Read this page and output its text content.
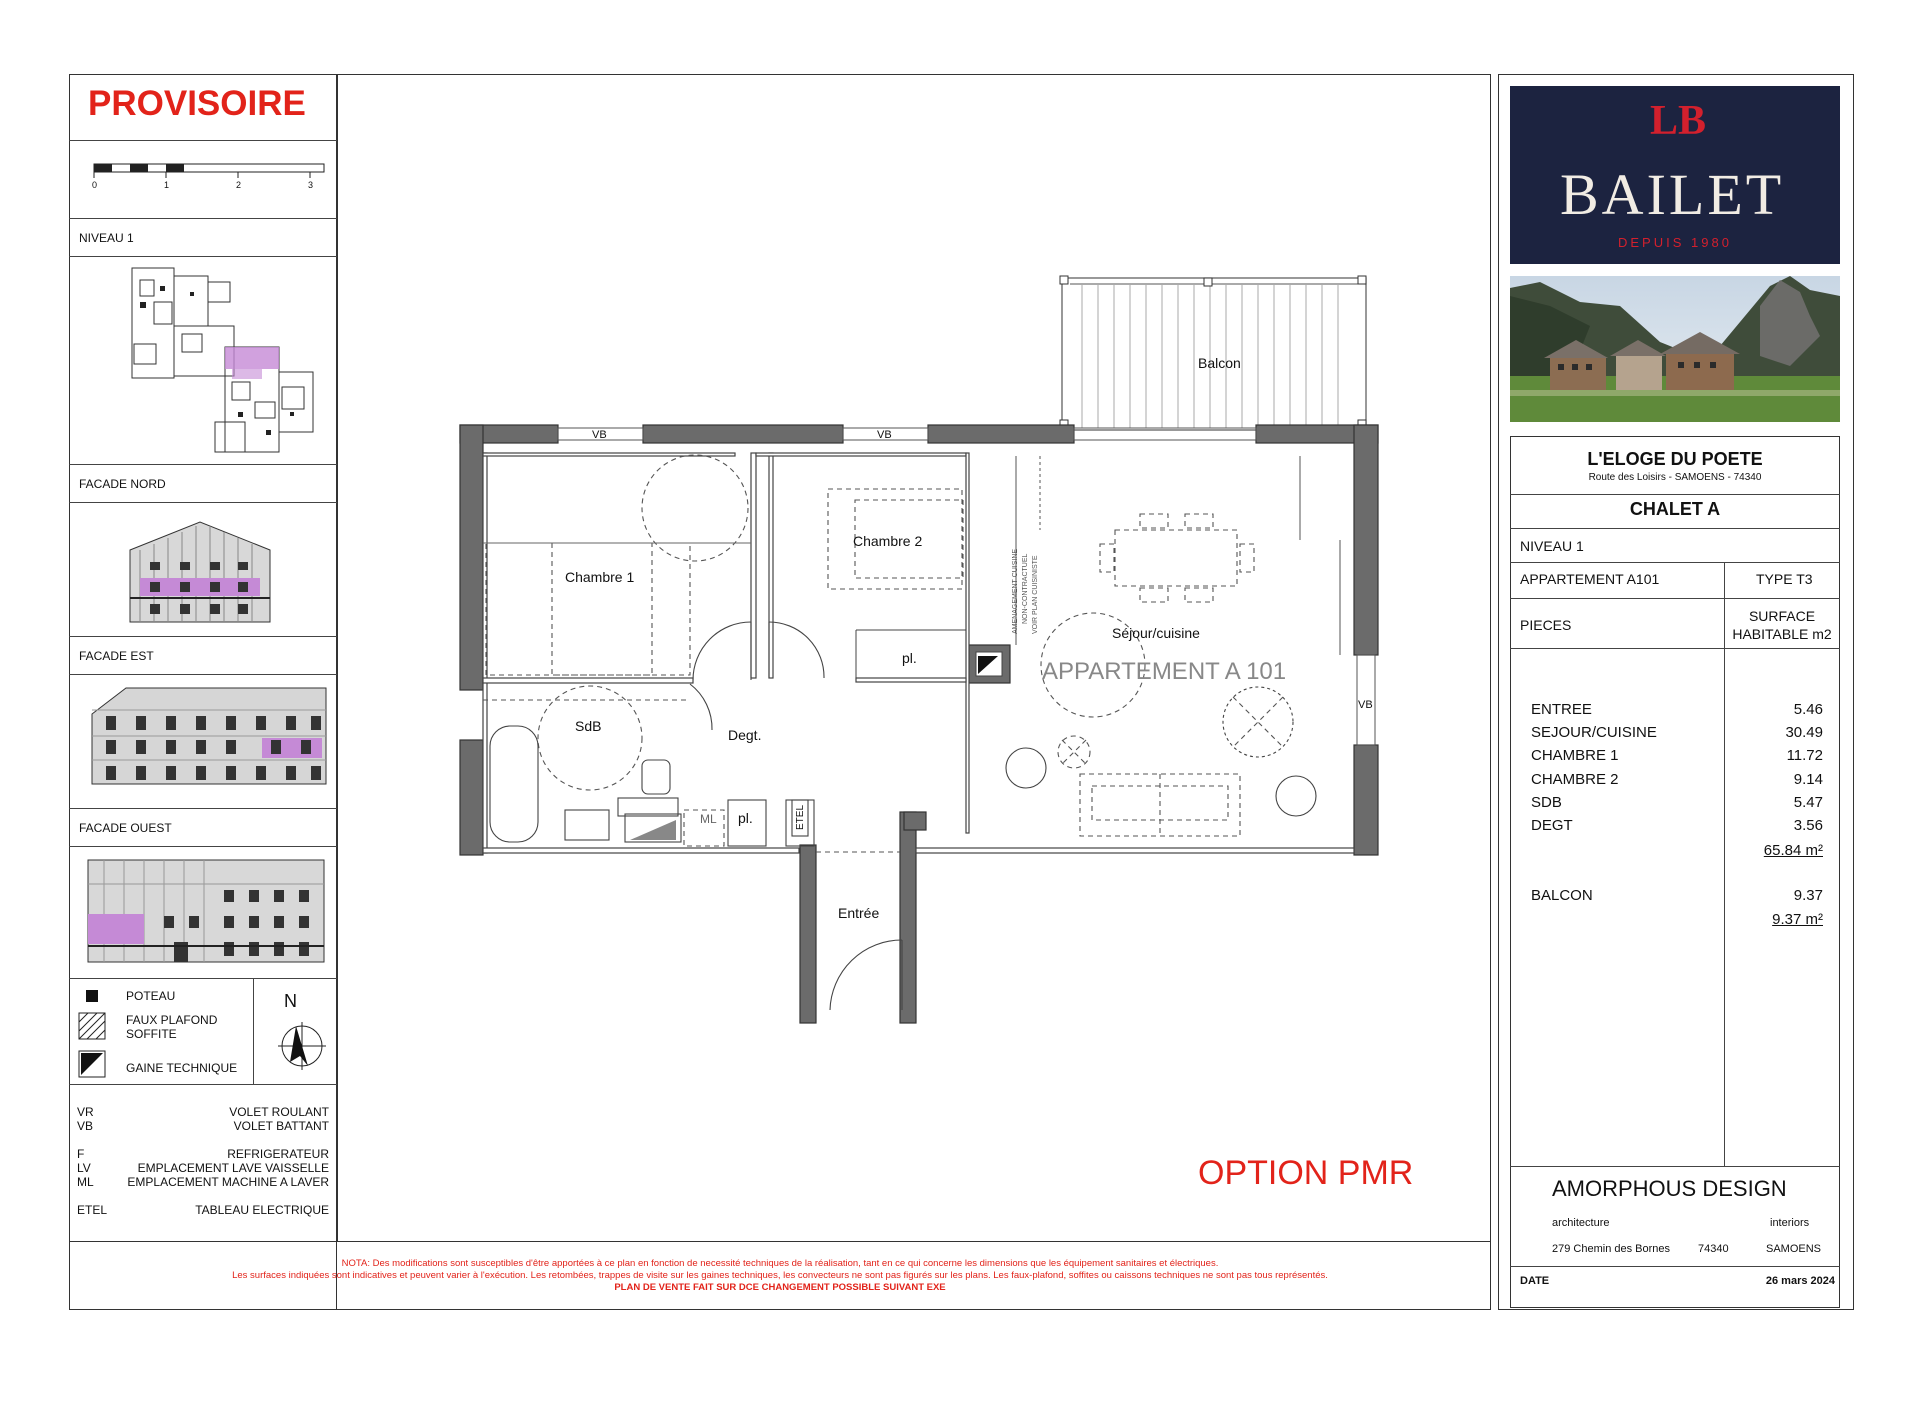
PROVISOIRE
0	1	2	3
NIVEAU 1
FACADE NORD
FACADE EST
FACADE OUEST
POTEAU
FAUX PLAFOND
SOFFITE
GAINE TECHNIQUE
N
VR	VOLET ROULANT
VB	VOLET BATTANT
F	REFRIGERATEUR
LV	EMPLACEMENT LAVE VAISSELLE
ML	EMPLACEMENT MACHINE A LAVER
ETEL	TABLEAU ELECTRIQUE
Balcon
VB	VB
VB
Chambre 1
Chambre 2
Séjour/cuisine
APPARTEMENT A 101
SdB
Degt.
pl.
pl.
ML	ETEL
Entrée
AMENAGEMENT CUISINE NON-CONTRACTUEL VOIR PLAN CUISINISTE
OPTION PMR
NOTA: Des modifications sont susceptibles d'être apportées à ce plan en fonction de necessité techniques de la réalisation, tant en ce qui concerne les dimensions que les équipement sanitaires et électriques.
Les surfaces indiquées sont indicatives et peuvent varier à l'exécution. Les retombées, trappes de visite sur les gaines techniques, les convecteurs ne sont pas figurés sur les plans. Les faux-plafond, soffites ou caissons techniques ne sont pas tous représentés.
PLAN DE VENTE FAIT SUR DCE CHANGEMENT POSSIBLE SUIVANT EXE
LB
BAILET
DEPUIS 1980
L'ELOGE DU POETE
Route des Loisirs - SAMOENS - 74340
CHALET A
NIVEAU 1
APPARTEMENT A101	TYPE T3
PIECES
SURFACE
HABITABLE m2
ENTREE	5.46
SEJOUR/CUISINE	30.49
CHAMBRE 1	11.72
CHAMBRE 2	9.14
SDB	5.47
DEGT	3.56
65.84 m²
BALCON	9.37
9.37 m²
AMORPHOUS DESIGN
architecture	interiors
279 Chemin des Bornes	74340	SAMOENS
DATE	26 mars 2024
